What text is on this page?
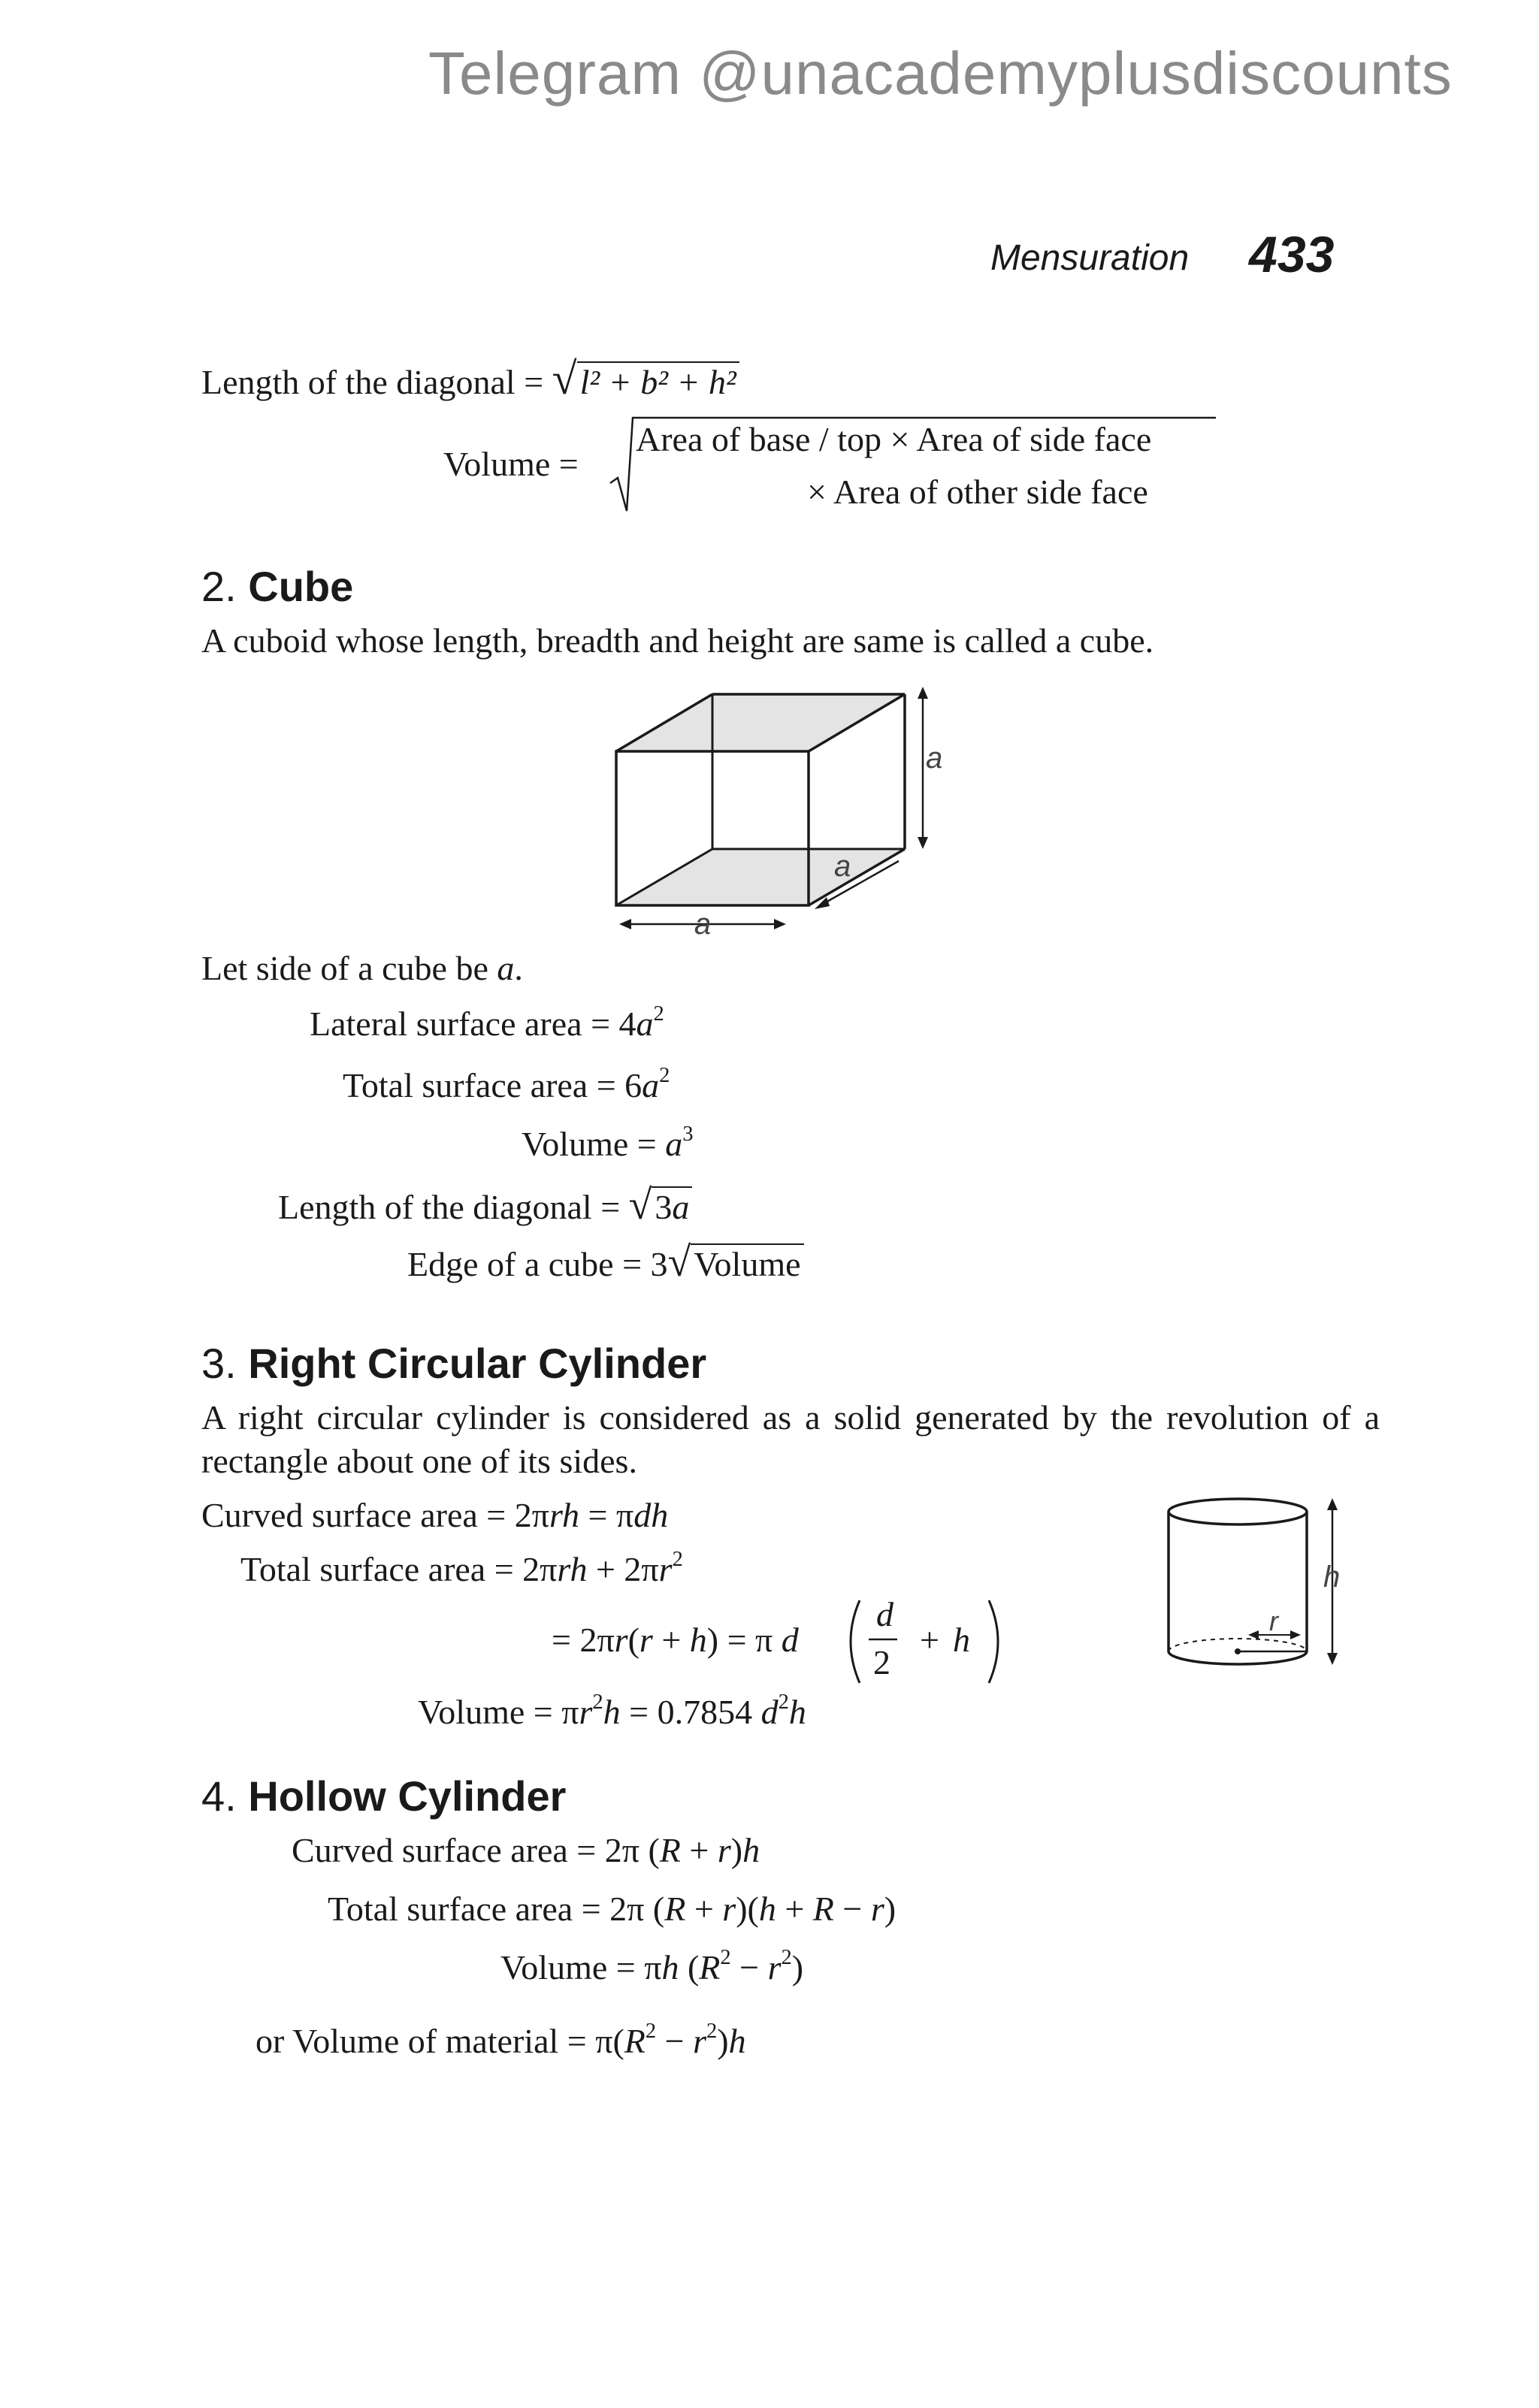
Telegram @unacademyplusdiscounts
Mensuration 433
Length of the diagonal = √l² + b² + h²
Volume =
Area of base / top × Area of side face
× Area of other side face
2. Cube
A cuboid whose length, breadth and height are same is called a cube.
a
a
a
Let side of a cube be a.
Lateral surface area = $4a^2$
Total surface area = $6a^2$
Volume = $a^3$
Length of the diagonal = √3a
Edge of a cube = 3√Volume
3. Right Circular Cylinder
A right circular cylinder is considered as a solid generated by the revolution of a rectangle about one of its sides.
Curved surface area = 2πrh = πdh
Total surface area = $2\pi rh + 2\pi r^2$
= 2πr(r + h) = π d
d
2
+ h
Volume = $\pi r^2h = 0.7854$ $d^2h$
h
r
4. Hollow Cylinder
Curved surface area = 2π (R + r)h
Total surface area = 2π (R + r)(h + R − r)
Volume = πh $(R^2 - r^2)$
or Volume of material = $\pi(R^2 - r^2)h$
